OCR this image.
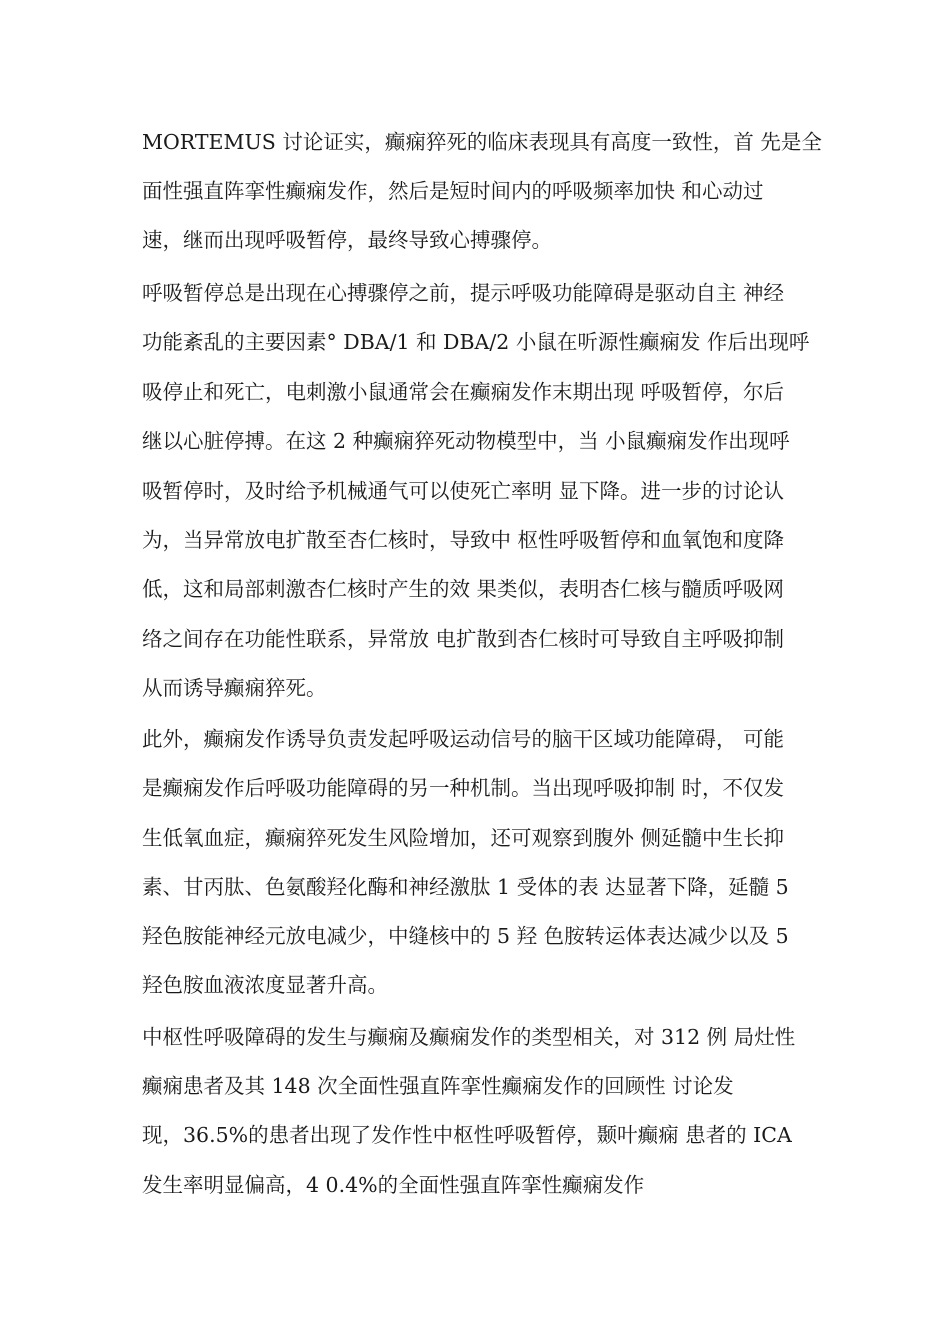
MORTEMUS 讨论证实，癫痫猝死的临床表现具有高度一致性，首 先是全
面性强直阵挛性癫痫发作，然后是短时间内的呼吸频率加快 和心动过
速，继而出现呼吸暂停，最终导致心搏骤停。
呼吸暂停总是出现在心搏骤停之前，提示呼吸功能障碍是驱动自主 神经
功能紊乱的主要因素° DBA/1 和 DBA/2 小鼠在听源性癫痫发 作后出现呼
吸停止和死亡，电刺激小鼠通常会在癫痫发作末期出现 呼吸暂停，尔后
继以心脏停搏。在这 2 种癫痫猝死动物模型中，当 小鼠癫痫发作出现呼
吸暂停时，及时给予机械通气可以使死亡率明 显下降。进一步的讨论认
为，当异常放电扩散至杏仁核时，导致中 枢性呼吸暂停和血氧饱和度降
低，这和局部刺激杏仁核时产生的效 果类似，表明杏仁核与髓质呼吸网
络之间存在功能性联系，异常放 电扩散到杏仁核时可导致自主呼吸抑制
从而诱导癫痫猝死。
此外，癫痫发作诱导负责发起呼吸运动信号的脑干区域功能障碍， 可能
是癫痫发作后呼吸功能障碍的另一种机制。当出现呼吸抑制 时，不仅发
生低氧血症，癫痫猝死发生风险增加，还可观察到腹外 侧延髓中生长抑
素、甘丙肽、色氨酸羟化酶和神经激肽 1 受体的表 达显著下降，延髓 5
羟色胺能神经元放电减少，中缝核中的 5 羟 色胺转运体表达减少以及 5
羟色胺血液浓度显著升高。
中枢性呼吸障碍的发生与癫痫及癫痫发作的类型相关，对 312 例 局灶性
癫痫患者及其 148 次全面性强直阵挛性癫痫发作的回顾性 讨论发
现，36.5%的患者出现了发作性中枢性呼吸暂停，颞叶癫痫 患者的 ICA
发生率明显偏高，4 0.4%的全面性强直阵挛性癫痫发作
